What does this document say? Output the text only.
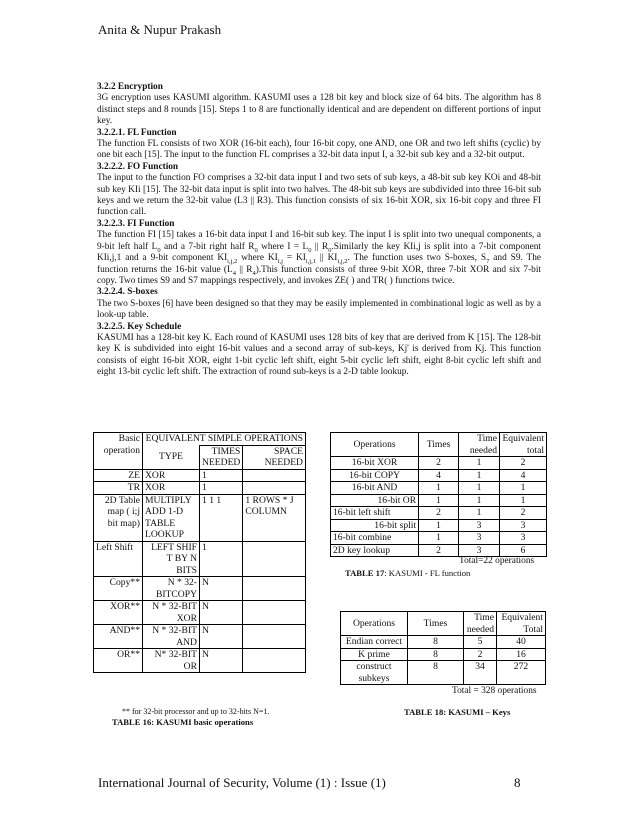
Anita & Nupur Prakash

3.2.2 Encryption

3G encryption uses KASUMI algorithm. KASUMI uses a 128 bit key and block size of 64 bits. The algorithm has 8 distinct steps and 8 rounds [15]. Steps 1 to 8 are functionally identical and are dependent on different portions of input key.

3.2.2.1. FL Function

The function FL consists of two XOR (16-bit each), four 16-bit copy, one AND, one OR and two left shifts (cyclic) by one bit each [15]. The input to the function FL comprises a 32-bit data input I, a 32-bit sub key and a 32-bit output.

3.2.2.2. FO Function

The input to the function FO comprises a 32-bit data input I and two sets of sub keys, a 48-bit sub key KOi and 48-bit sub key KIi [15]. The 32-bit data input is split into two halves. The 48-bit sub keys are subdivided into three 16-bit sub keys and we return the 32-bit value (L3 || R3). This function consists of six 16-bit XOR, six 16-bit copy and three FI function call.

3.2.2.3. FI Function

The function FI [15] takes a 16-bit data input I and 16-bit sub key. The input I is split into two unequal components, a 9-bit left half $L_0$ and a 7-bit right half $R_0$ where $I = L_0$ || $R_0.Similarly$ the key KIi,j is split into a 7-bit component KIi,j,1 and a 9-bit component $KI_{i,j,2}$ where $KI_{i,j} = KI_{i,j,1}$ || $KI_{i,j,2}$. The function uses two S-boxes, $S_7$ and S9. The function returns the 16-bit value ($L_4$ || $R_4).This$ function consists of three 9-bit XOR, three 7-bit XOR and six 7-bit copy. Two times S9 and S7 mappings respectively, and invokes ZE( ) and TR( ) functions twice.

3.2.2.4. S-boxes

The two S-boxes [6] have been designed so that they may be easily implemented in combinational logic as well as by a look-up table.

3.2.2.5. Key Schedule

KASUMI has a 128-bit key K. Each round of KASUMI uses 128 bits of key that are derived from K [15]. The 128-bit key K is subdivided into eight 16-bit values and a second array of sub-keys, Kj' is derived from Kj. This function consists of eight 16-bit XOR, eight 1-bit cyclic left shift, eight 5-bit cyclic left shift, eight 8-bit cyclic left shift and eight 13-bit cyclic left shift. The extraction of round sub-keys is a 2-D table lookup.

Basic operation	EQUIVALENT SIMPLE OPERATIONS		
	TYPE	TIMES NEEDED	SPACE NEEDED
ZE	XOR	1	
TR	XOR	1	
2D Table map ( i;j bit map)	MULTIPLY ADD 1-D TABLE LOOKUP	1 1 1	1 ROWS * J COLUMN
Left Shift	LEFT SHIF T BY N BITS	1	
Copy**	N * 32-BITCOPY	N	
XOR**	N * 32-BIT XOR	N	
AND**	N * 32-BIT AND	N	
OR**	N* 32-BIT OR	N	
** for 32-bit processor and up to 32-bits N=1.
TABLE 16: KASUMI basic operations
Operations	Times	Time needed	Equivalent total
16-bit XOR	2	1	2
16-bit COPY	4	1	4
16-bit AND	1	1	1
16-bit OR	1	1	1
16-bit left shift	2	1	2
16-bit split	1	3	3
16-bit combine	1	3	3
2D key lookup	2	3	6
Total=22 operations
TABLE 17: KASUMI - FL function
Operations	Times	Time needed	Equivalent Total
Endian correct	8	5	40
K prime	8	2	16
construct subkeys	8	34	272
Total = 328 operations
TABLE 18: KASUMI – Keys
International Journal of Security, Volume (1) : Issue (1)	8
